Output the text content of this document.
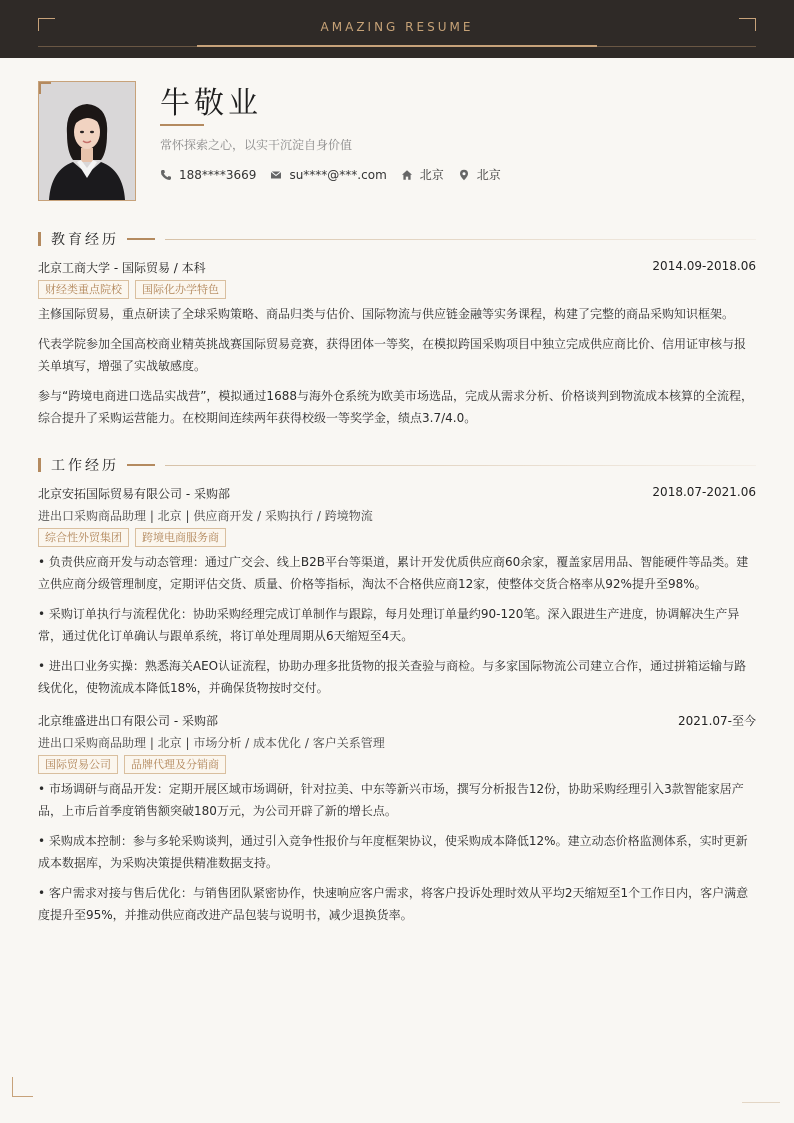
AMAZING RESUME
牛敬业
常怀探索之心，以实干沉淀自身价值
188****3669	su****@***.com	北京	北京
教育经历
北京工商大学 - 国际贸易 / 本科	2014.09-2018.06
财经类重点院校	国际化办学特色
主修国际贸易，重点研读了全球采购策略、商品归类与估价、国际物流与供应链金融等实务课程，构建了完整的商品采购知识框架。
代表学院参加全国高校商业精英挑战赛国际贸易竞赛，获得团体一等奖，在模拟跨国采购项目中独立完成供应商比价、信用证审核与报关单填写，增强了实战敏感度。
参与“跨境电商进口选品实战营”，模拟通过1688与海外仓系统为欧美市场选品，完成从需求分析、价格谈判到物流成本核算的全流程，综合提升了采购运营能力。在校期间连续两年获得校级一等奖学金，绩点3.7/4.0。
工作经历
北京安拓国际贸易有限公司 - 采购部	2018.07-2021.06
进出口采购商品助理 | 北京 | 供应商开发 / 采购执行 / 跨境物流
综合性外贸集团	跨境电商服务商
• 负责供应商开发与动态管理：通过广交会、线上B2B平台等渠道，累计开发优质供应商60余家，覆盖家居用品、智能硬件等品类。建立供应商分级管理制度，定期评估交货、质量、价格等指标，淘汰不合格供应商12家，使整体交货合格率从92%提升至98%。
• 采购订单执行与流程优化：协助采购经理完成订单制作与跟踪，每月处理订单量约90-120笔。深入跟进生产进度，协调解决生产异常，通过优化订单确认与跟单系统，将订单处理周期从6天缩短至4天。
• 进出口业务实操：熟悉海关AEO认证流程，协助办理多批货物的报关查验与商检。与多家国际物流公司建立合作，通过拼箱运输与路线优化，使物流成本降低18%，并确保货物按时交付。
北京维盛进出口有限公司 - 采购部	2021.07-至今
进出口采购商品助理 | 北京 | 市场分析 / 成本优化 / 客户关系管理
国际贸易公司	品牌代理及分销商
• 市场调研与商品开发：定期开展区域市场调研，针对拉美、中东等新兴市场，撰写分析报告12份，协助采购经理引入3款智能家居产品，上市后首季度销售额突破180万元，为公司开辟了新的增长点。
• 采购成本控制：参与多轮采购谈判，通过引入竞争性报价与年度框架协议，使采购成本降低12%。建立动态价格监测体系，实时更新成本数据库，为采购决策提供精准数据支持。
• 客户需求对接与售后优化：与销售团队紧密协作，快速响应客户需求，将客户投诉处理时效从平均2天缩短至1个工作日内，客户满意度提升至95%，并推动供应商改进产品包装与说明书，减少退换货率。
